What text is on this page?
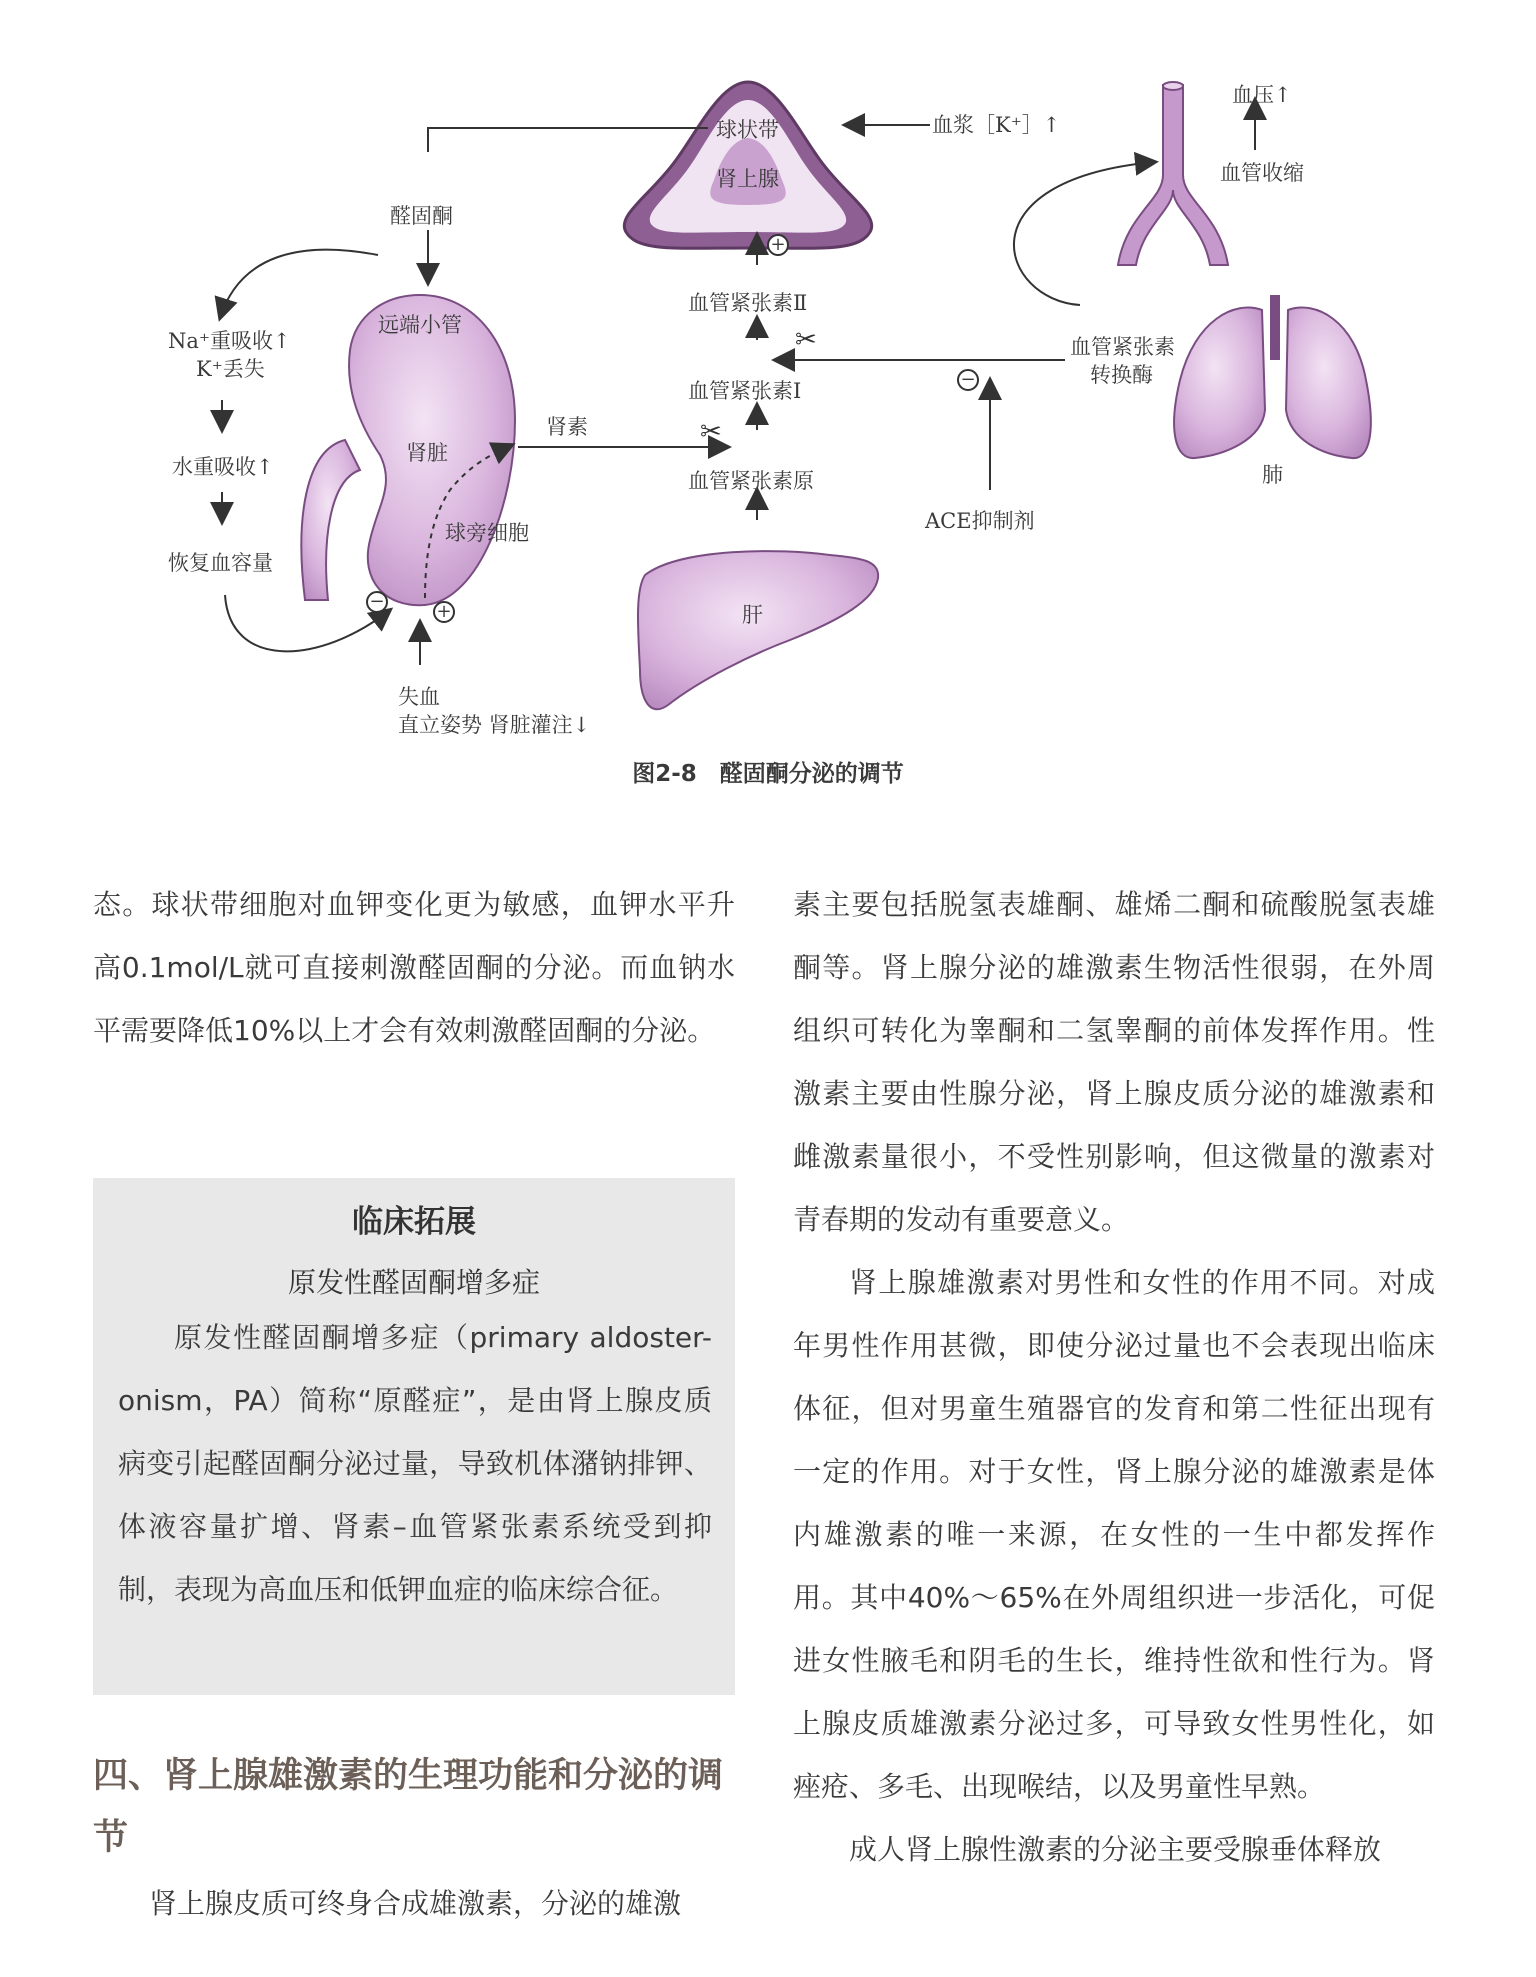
✂
✂
+
−
−	+
球状带
肾上腺
血浆［K⁺］↑
血压↑
血管收缩
醛固酮
远端小管
Na⁺重吸收↑
K⁺丢失
水重吸收↑
恢复血容量
肾脏
球旁细胞
肾素
血管紧张素Ⅱ
血管紧张素Ⅰ
血管紧张素原
血管紧张素
转换酶
ACE抑制剂
肺
肝
失血
直立姿势 肾脏灌注↓
图2-8　醛固酮分泌的调节

态。球状带细胞对血钾变化更为敏感，血钾水平升高0.1mol/L就可直接刺激醛固酮的分泌。而血钠水平需要降低10%以上才会有效刺激醛固酮的分泌。

临床拓展
原发性醛固酮增多症

原发性醛固酮增多症（primary aldoster-onism，PA）简称“原醛症”，是由肾上腺皮质病变引起醛固酮分泌过量，导致机体潴钠排钾、体液容量扩增、肾素–血管紧张素系统受到抑制，表现为高血压和低钾血症的临床综合征。

四、肾上腺雄激素的生理功能和分泌的调节

肾上腺皮质可终身合成雄激素，分泌的雄激

素主要包括脱氢表雄酮、雄烯二酮和硫酸脱氢表雄酮等。肾上腺分泌的雄激素生物活性很弱，在外周组织可转化为睾酮和二氢睾酮的前体发挥作用。性激素主要由性腺分泌，肾上腺皮质分泌的雄激素和雌激素量很小，不受性别影响，但这微量的激素对青春期的发动有重要意义。

肾上腺雄激素对男性和女性的作用不同。对成年男性作用甚微，即使分泌过量也不会表现出临床体征，但对男童生殖器官的发育和第二性征出现有一定的作用。对于女性，肾上腺分泌的雄激素是体内雄激素的唯一来源，在女性的一生中都发挥作用。其中40%～65%在外周组织进一步活化，可促进女性腋毛和阴毛的生长，维持性欲和性行为。肾上腺皮质雄激素分泌过多，可导致女性男性化，如痤疮、多毛、出现喉结，以及男童性早熟。

成人肾上腺性激素的分泌主要受腺垂体释放
